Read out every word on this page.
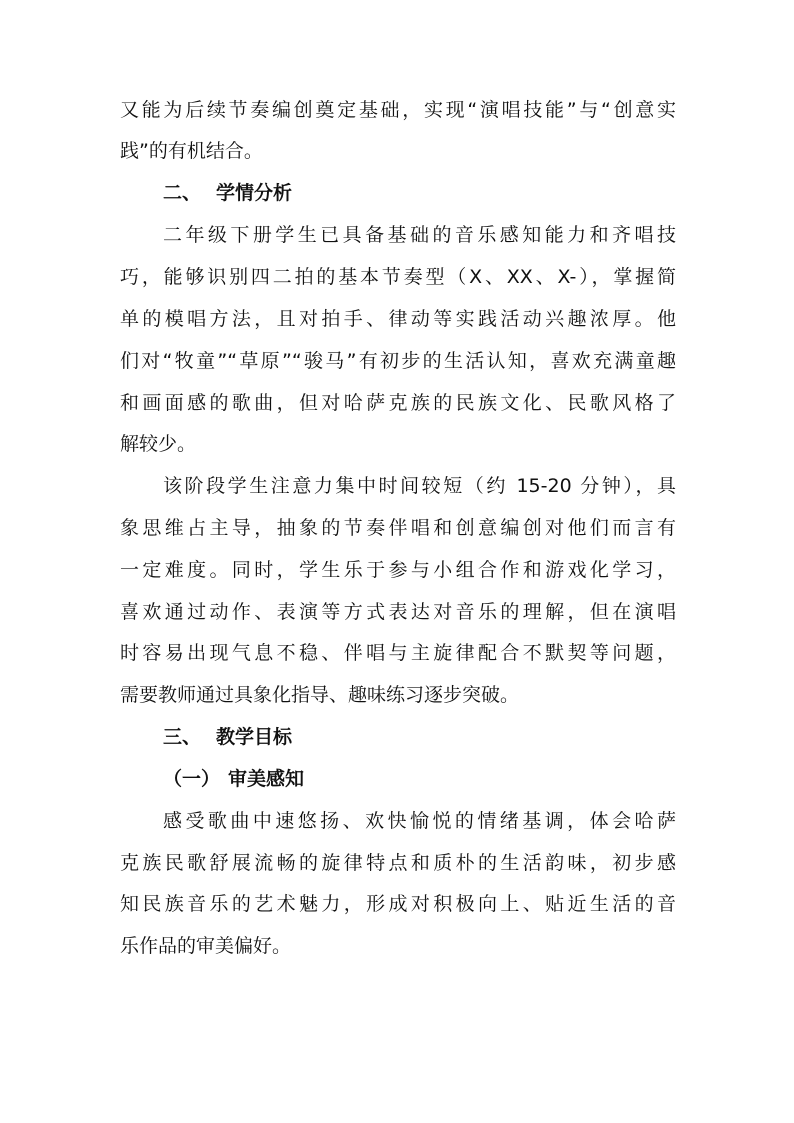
又能为后续节奏编创奠定基础，实现“演唱技能”与“创意实
践”的有机结合。
二、 学情分析
二年级下册学生已具备基础的音乐感知能力和齐唱技
巧，能够识别四二拍的基本节奏型（X、XX、X-），掌握简
单的模唱方法，且对拍手、律动等实践活动兴趣浓厚。他
们对“牧童”“草原”“骏马”有初步的生活认知，喜欢充满童趣
和画面感的歌曲，但对哈萨克族的民族文化、民歌风格了
解较少。
该阶段学生注意力集中时间较短（约 15-20 分钟），具
象思维占主导，抽象的节奏伴唱和创意编创对他们而言有
一定难度。同时，学生乐于参与小组合作和游戏化学习，
喜欢通过动作、表演等方式表达对音乐的理解，但在演唱
时容易出现气息不稳、伴唱与主旋律配合不默契等问题，
需要教师通过具象化指导、趣味练习逐步突破。
三、 教学目标
（一） 审美感知
感受歌曲中速悠扬、欢快愉悦的情绪基调，体会哈萨
克族民歌舒展流畅的旋律特点和质朴的生活韵味，初步感
知民族音乐的艺术魅力，形成对积极向上、贴近生活的音
乐作品的审美偏好。
